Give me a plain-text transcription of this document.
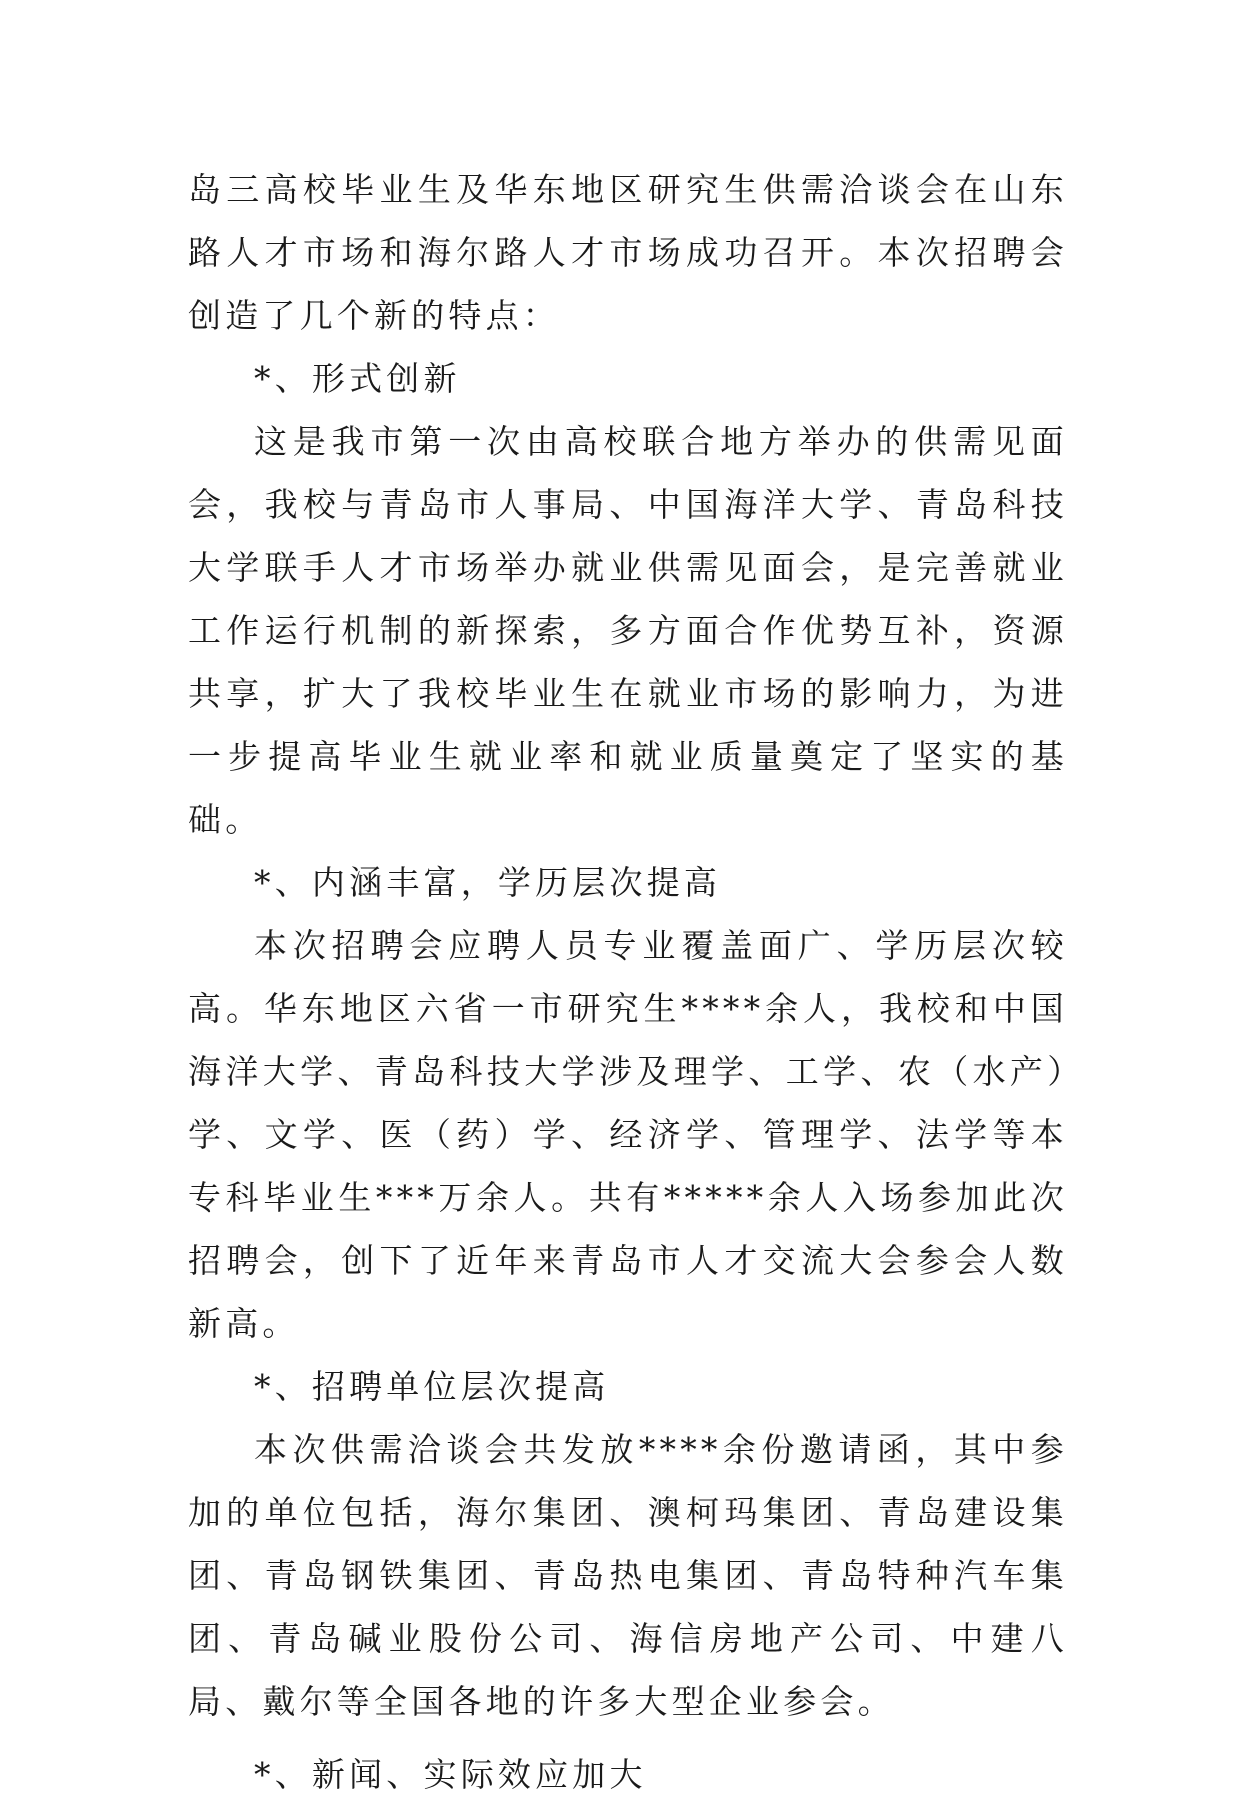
岛三高校毕业生及华东地区研究生供需洽谈会在山东路人才市场和海尔路人才市场成功召开。本次招聘会创造了几个新的特点：

*、形式创新

这是我市第一次由高校联合地方举办的供需见面会，我校与青岛市人事局、中国海洋大学、青岛科技大学联手人才市场举办就业供需见面会，是完善就业工作运行机制的新探索，多方面合作优势互补，资源共享，扩大了我校毕业生在就业市场的影响力，为进一步提高毕业生就业率和就业质量奠定了坚实的基础。

*、内涵丰富，学历层次提高

本次招聘会应聘人员专业覆盖面广、学历层次较高。华东地区六省一市研究生****余人，我校和中国海洋大学、青岛科技大学涉及理学、工学、农（水产）学、文学、医（药）学、经济学、管理学、法学等本专科毕业生***万余人。共有*****余人入场参加此次招聘会，创下了近年来青岛市人才交流大会参会人数新高。

*、招聘单位层次提高

本次供需洽谈会共发放****余份邀请函，其中参加的单位包括，海尔集团、澳柯玛集团、青岛建设集团、青岛钢铁集团、青岛热电集团、青岛特种汽车集团、青岛碱业股份公司、海信房地产公司、中建八局、戴尔等全国各地的许多大型企业参会。

*、新闻、实际效应加大
